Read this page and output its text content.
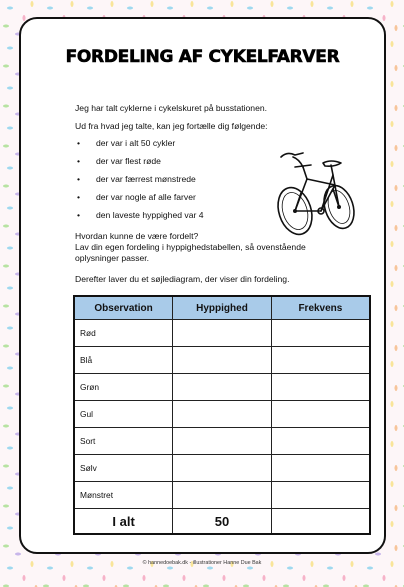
FORDELING AF CYKELFARVER
Jeg har talt cyklerne i cykelskuret på busstationen.
Ud fra hvad jeg talte, kan jeg fortælle dig følgende:
• der var i alt 50 cykler
• der var flest røde
• der var færrest mønstrede
• der var nogle af alle farver
• den laveste hyppighed var 4
Hvordan kunne de være fordelt?
Lav din egen fordeling i hyppighedstabellen, så ovenstående
oplysninger passer.
Derefter laver du et søjlediagram, der viser din fordeling.
Observation	Hyppighed	Frekvens
Rød		
Blå		
Grøn		
Gul		
Sort		
Sølv		
Mønstret		
I alt	50	
© hannedoebak.dk - illustrationer Hanne Due Bak
